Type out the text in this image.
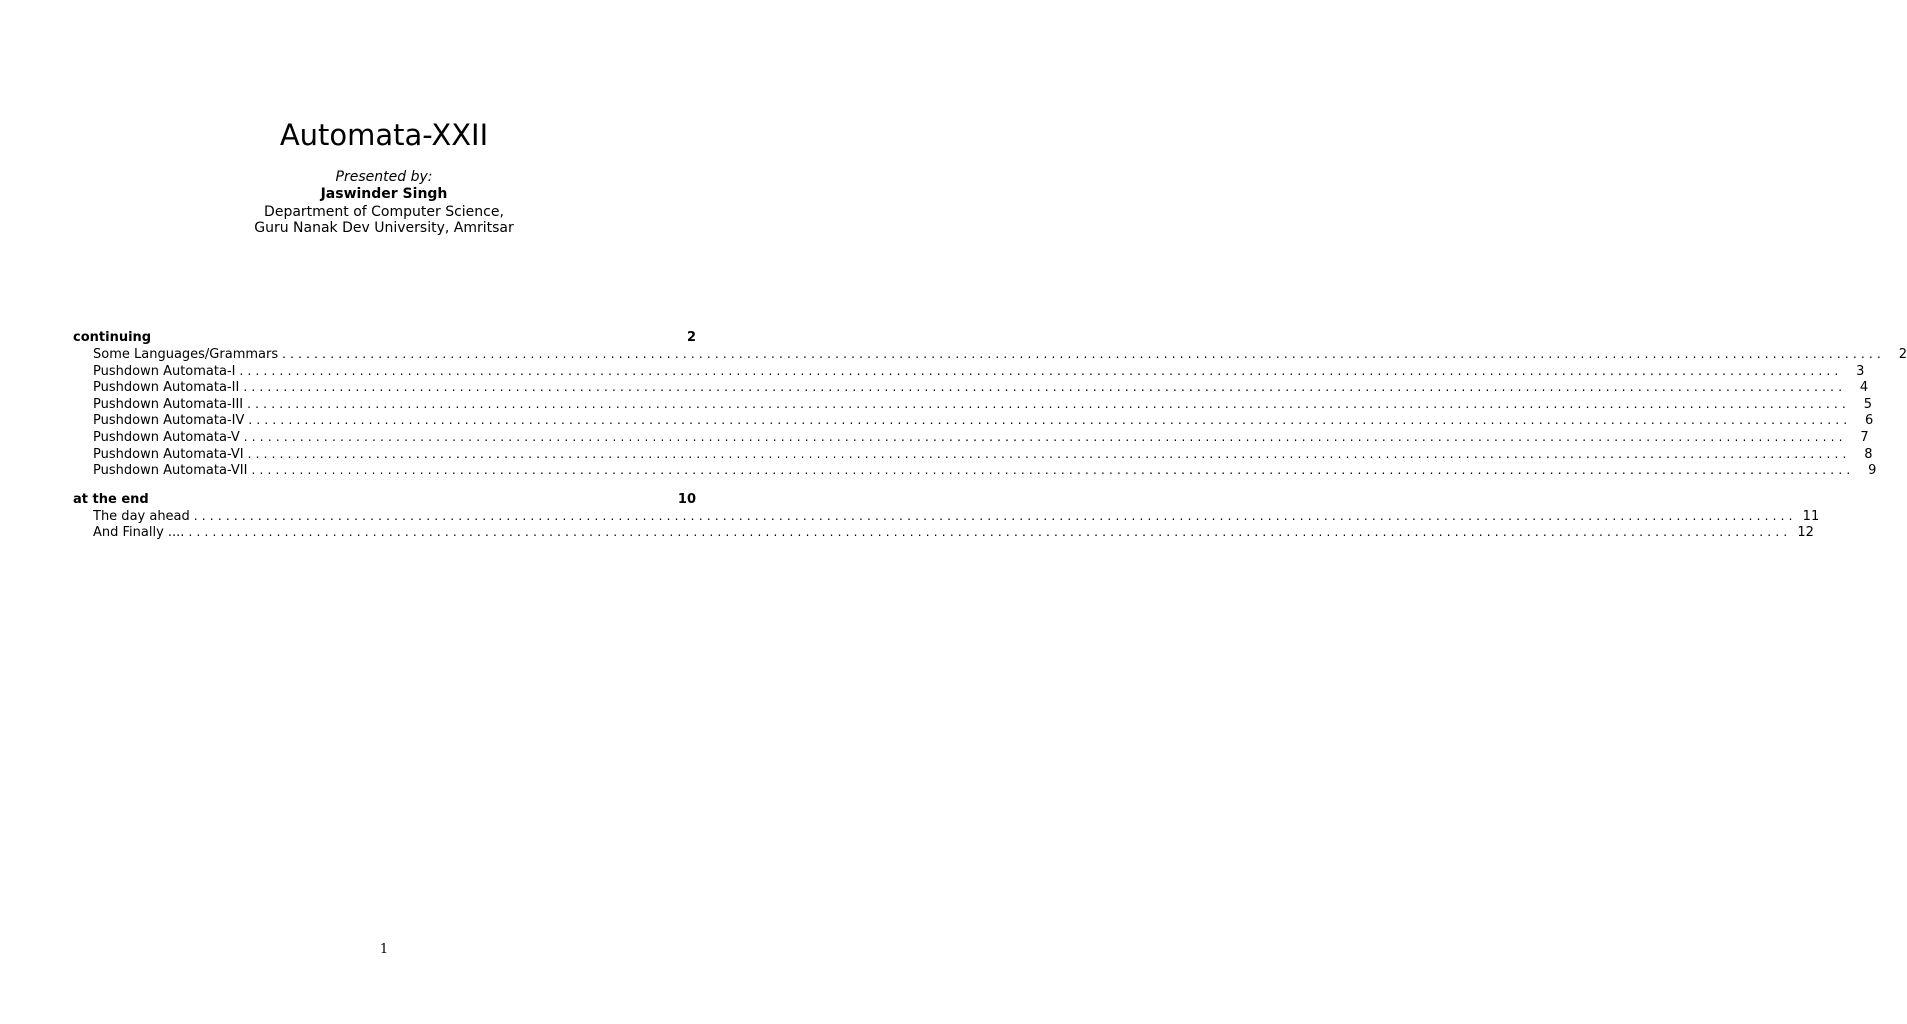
Automata-XXII
Presented by:
Jaswinder Singh
Department of Computer Science,
Guru Nanak Dev University, Amritsar
continuing	2
Some Languages/Grammars ........................................................................................................................................................................................................	2
Pushdown Automata-I ........................................................................................................................................................................................................	3
Pushdown Automata-II ........................................................................................................................................................................................................	4
Pushdown Automata-III ........................................................................................................................................................................................................	5
Pushdown Automata-IV ........................................................................................................................................................................................................	6
Pushdown Automata-V ........................................................................................................................................................................................................	7
Pushdown Automata-VI ........................................................................................................................................................................................................	8
Pushdown Automata-VII ........................................................................................................................................................................................................	9
at the end	10
The day ahead ........................................................................................................................................................................................................ 11
And Finally .... ........................................................................................................................................................................................................ 12
1
